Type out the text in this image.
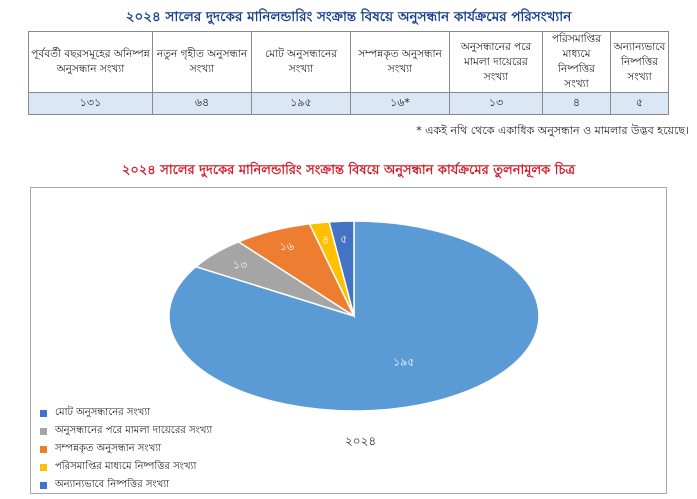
২০২৪ সালের দুদকের মানিলন্ডারিং সংক্রান্ত বিষয়ে অনুসন্ধান কার্যক্রমের পরিসংখ্যান
পূর্ববর্তী বছরসমূহের অনিষ্পন্ন অনুসন্ধান সংখ্যা	নতুন গৃহীত অনুসন্ধান সংখ্যা	মোট অনুসন্ধানের সংখ্যা	সম্পন্নকৃত অনুসন্ধান সংখ্যা	অনুসন্ধানের পরে মামলা দায়েরের সংখ্যা	পরিসমাপ্তির মাধ্যমে নিষ্পত্তির সংখ্যা	অন্যান্যভাবে নিষ্পত্তির সংখ্যা
১৩১	৬৪	১৯৫	১৬*	১৩	৪	৫
* একই নথি থেকে একাধিক অনুসন্ধান ও মামলার উদ্ভব হয়েছে।
২০২৪ সালের দুদকের মানিলন্ডারিং সংক্রান্ত বিষয়ে অনুসন্ধান কার্যক্রমের তুলনামূলক চিত্র
১৯৫
১৩
১৬
৪ ৫
মোট অনুসন্ধানের সংখ্যা
অনুসন্ধানের পরে মামলা দায়েরের সংখ্যা
সম্পন্নকৃত অনুসন্ধান সংখ্যা
পরিসমাপ্তির মাধ্যমে নিষ্পত্তির সংখ্যা
অন্যান্যভাবে নিষ্পত্তির সংখ্যা
২০২৪
